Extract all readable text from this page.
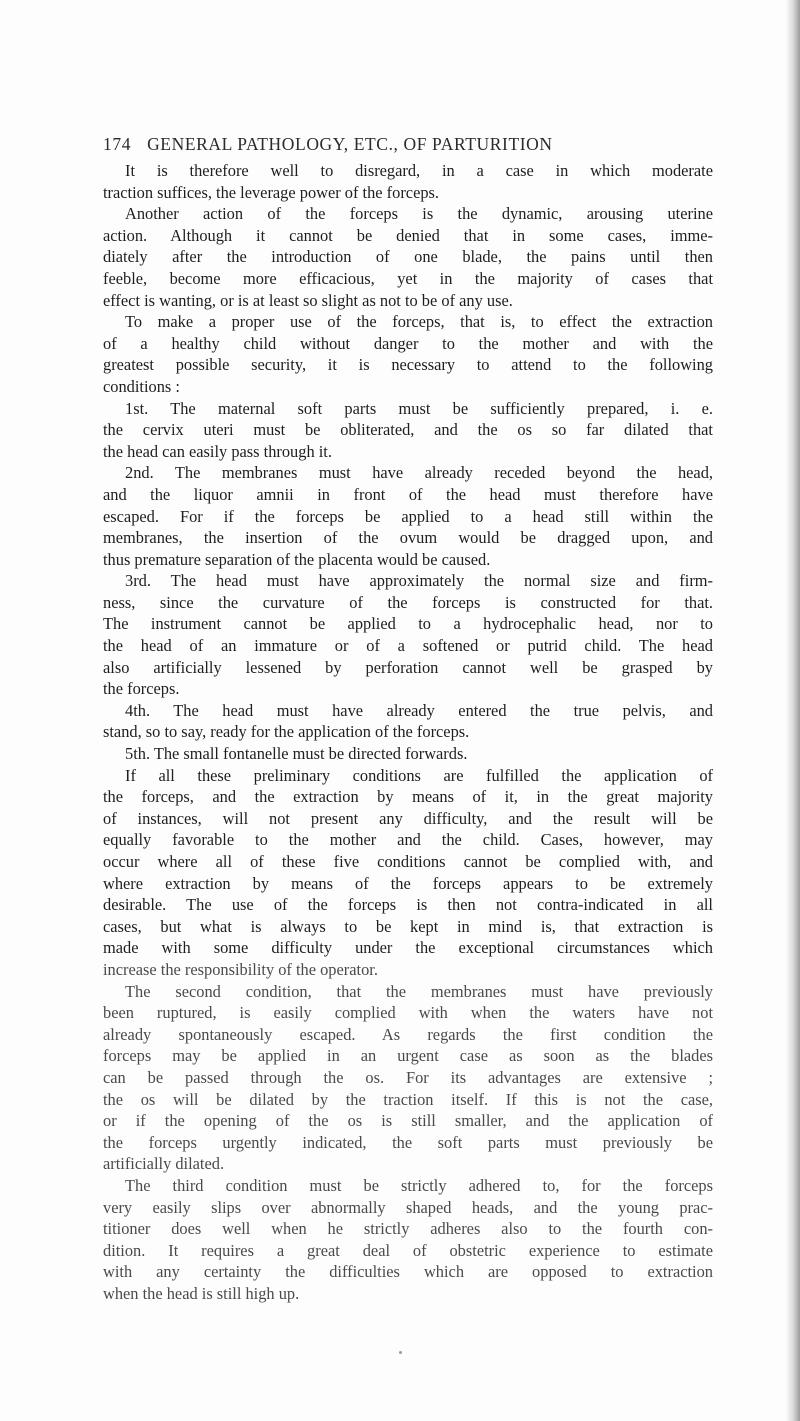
174 GENERAL PATHOLOGY, ETC., OF PARTURITION
It is therefore well to disregard, in a case in which moderate
traction suffices, the leverage power of the forceps.
Another action of the forceps is the dynamic, arousing uterine
action. Although it cannot be denied that in some cases, imme-
diately after the introduction of one blade, the pains until then
feeble, become more efficacious, yet in the majority of cases that
effect is wanting, or is at least so slight as not to be of any use.
To make a proper use of the forceps, that is, to effect the extraction
of a healthy child without danger to the mother and with the
greatest possible security, it is necessary to attend to the following
conditions :
1st. The maternal soft parts must be sufficiently prepared, i. e.
the cervix uteri must be obliterated, and the os so far dilated that
the head can easily pass through it.
2nd. The membranes must have already receded beyond the head,
and the liquor amnii in front of the head must therefore have
escaped. For if the forceps be applied to a head still within the
membranes, the insertion of the ovum would be dragged upon, and
thus premature separation of the placenta would be caused.
3rd. The head must have approximately the normal size and firm-
ness, since the curvature of the forceps is constructed for that.
The instrument cannot be applied to a hydrocephalic head, nor to
the head of an immature or of a softened or putrid child. The head
also artificially lessened by perforation cannot well be grasped by
the forceps.
4th. The head must have already entered the true pelvis, and
stand, so to say, ready for the application of the forceps.
5th. The small fontanelle must be directed forwards.
If all these preliminary conditions are fulfilled the application of
the forceps, and the extraction by means of it, in the great majority
of instances, will not present any difficulty, and the result will be
equally favorable to the mother and the child. Cases, however, may
occur where all of these five conditions cannot be complied with, and
where extraction by means of the forceps appears to be extremely
desirable. The use of the forceps is then not contra-indicated in all
cases, but what is always to be kept in mind is, that extraction is
made with some difficulty under the exceptional circumstances which
increase the responsibility of the operator.
The second condition, that the membranes must have previously
been ruptured, is easily complied with when the waters have not
already spontaneously escaped. As regards the first condition the
forceps may be applied in an urgent case as soon as the blades
can be passed through the os. For its advantages are extensive ;
the os will be dilated by the traction itself. If this is not the case,
or if the opening of the os is still smaller, and the application of
the forceps urgently indicated, the soft parts must previously be
artificially dilated.
The third condition must be strictly adhered to, for the forceps
very easily slips over abnormally shaped heads, and the young prac-
titioner does well when he strictly adheres also to the fourth con-
dition. It requires a great deal of obstetric experience to estimate
with any certainty the difficulties which are opposed to extraction
when the head is still high up.
